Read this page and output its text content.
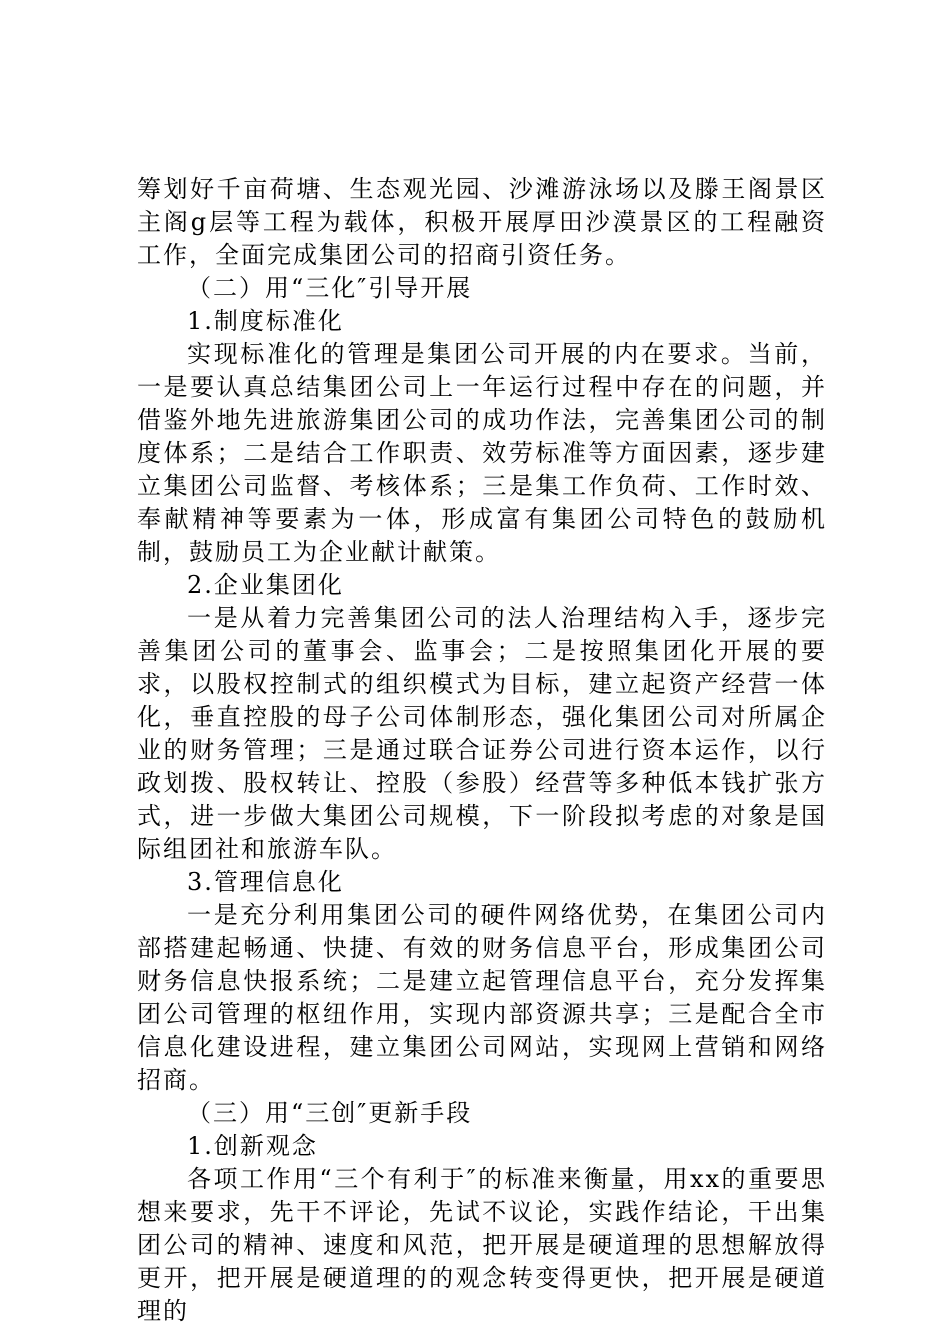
筹划好千亩荷塘、生态观光园、沙滩游泳场以及滕王阁景区主阁g层等工程为载体，积极开展厚田沙漠景区的工程融资工作，全面完成集团公司的招商引资任务。

（二）用“三化″引导开展

1.制度标准化

实现标准化的管理是集团公司开展的内在要求。当前，一是要认真总结集团公司上一年运行过程中存在的问题，并借鉴外地先进旅游集团公司的成功作法，完善集团公司的制度体系；二是结合工作职责、效劳标准等方面因素，逐步建立集团公司监督、考核体系；三是集工作负荷、工作时效、奉献精神等要素为一体，形成富有集团公司特色的鼓励机制，鼓励员工为企业献计献策。

2.企业集团化

一是从着力完善集团公司的法人治理结构入手，逐步完善集团公司的董事会、监事会；二是按照集团化开展的要求，以股权控制式的组织模式为目标，建立起资产经营一体化，垂直控股的母子公司体制形态，强化集团公司对所属企业的财务管理；三是通过联合证券公司进行资本运作，以行政划拨、股权转让、控股（参股）经营等多种低本钱扩张方式，进一步做大集团公司规模，下一阶段拟考虑的对象是国际组团社和旅游车队。

3.管理信息化

一是充分利用集团公司的硬件网络优势，在集团公司内部搭建起畅通、快捷、有效的财务信息平台，形成集团公司财务信息快报系统；二是建立起管理信息平台，充分发挥集团公司管理的枢纽作用，实现内部资源共享；三是配合全市信息化建设进程，建立集团公司网站，实现网上营销和网络招商。

（三）用“三创″更新手段

1.创新观念

各项工作用“三个有利于″的标准来衡量，用xx的重要思想来要求，先干不评论，先试不议论，实践作结论，干出集团公司的精神、速度和风范，把开展是硬道理的思想解放得更开，把开展是硬道理的的观念转变得更快，把开展是硬道理的
